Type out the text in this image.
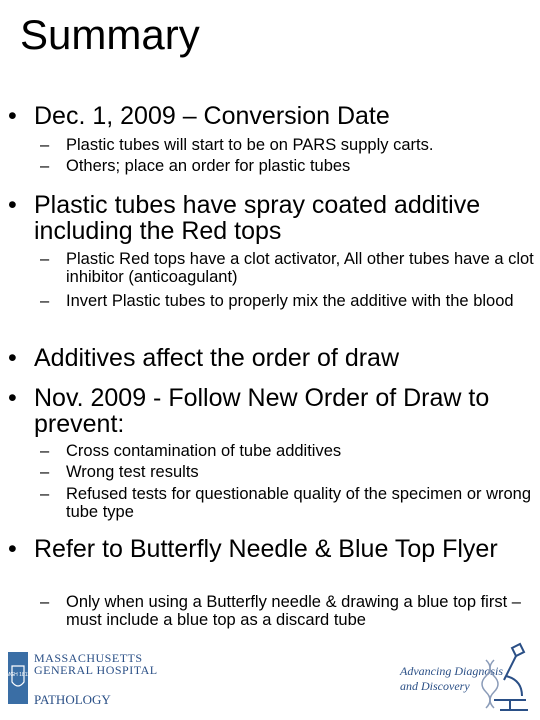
Summary
• Dec. 1, 2009 – Conversion Date
– Plastic tubes will start to be on PARS supply carts.
– Others; place an order for plastic tubes
• Plastic tubes have spray coated additive including the Red tops
– Plastic Red tops have a clot activator, All other tubes have a clot inhibitor (anticoagulant)
– Invert Plastic tubes to properly mix the additive with the blood
• Additives affect the order of draw
• Nov. 2009 - Follow New Order of Draw to prevent:
– Cross contamination of tube additives
– Wrong test results
– Refused tests for questionable quality of the specimen or wrong tube type
• Refer to Butterfly Needle & Blue Top Flyer
– Only when using a Butterfly needle & drawing a blue top first – must include a blue top as a discard tube
MGH 1811
MASSACHUSETTS
GENERAL HOSPITAL
PATHOLOGY
Advancing Diagnosis
and Discovery
